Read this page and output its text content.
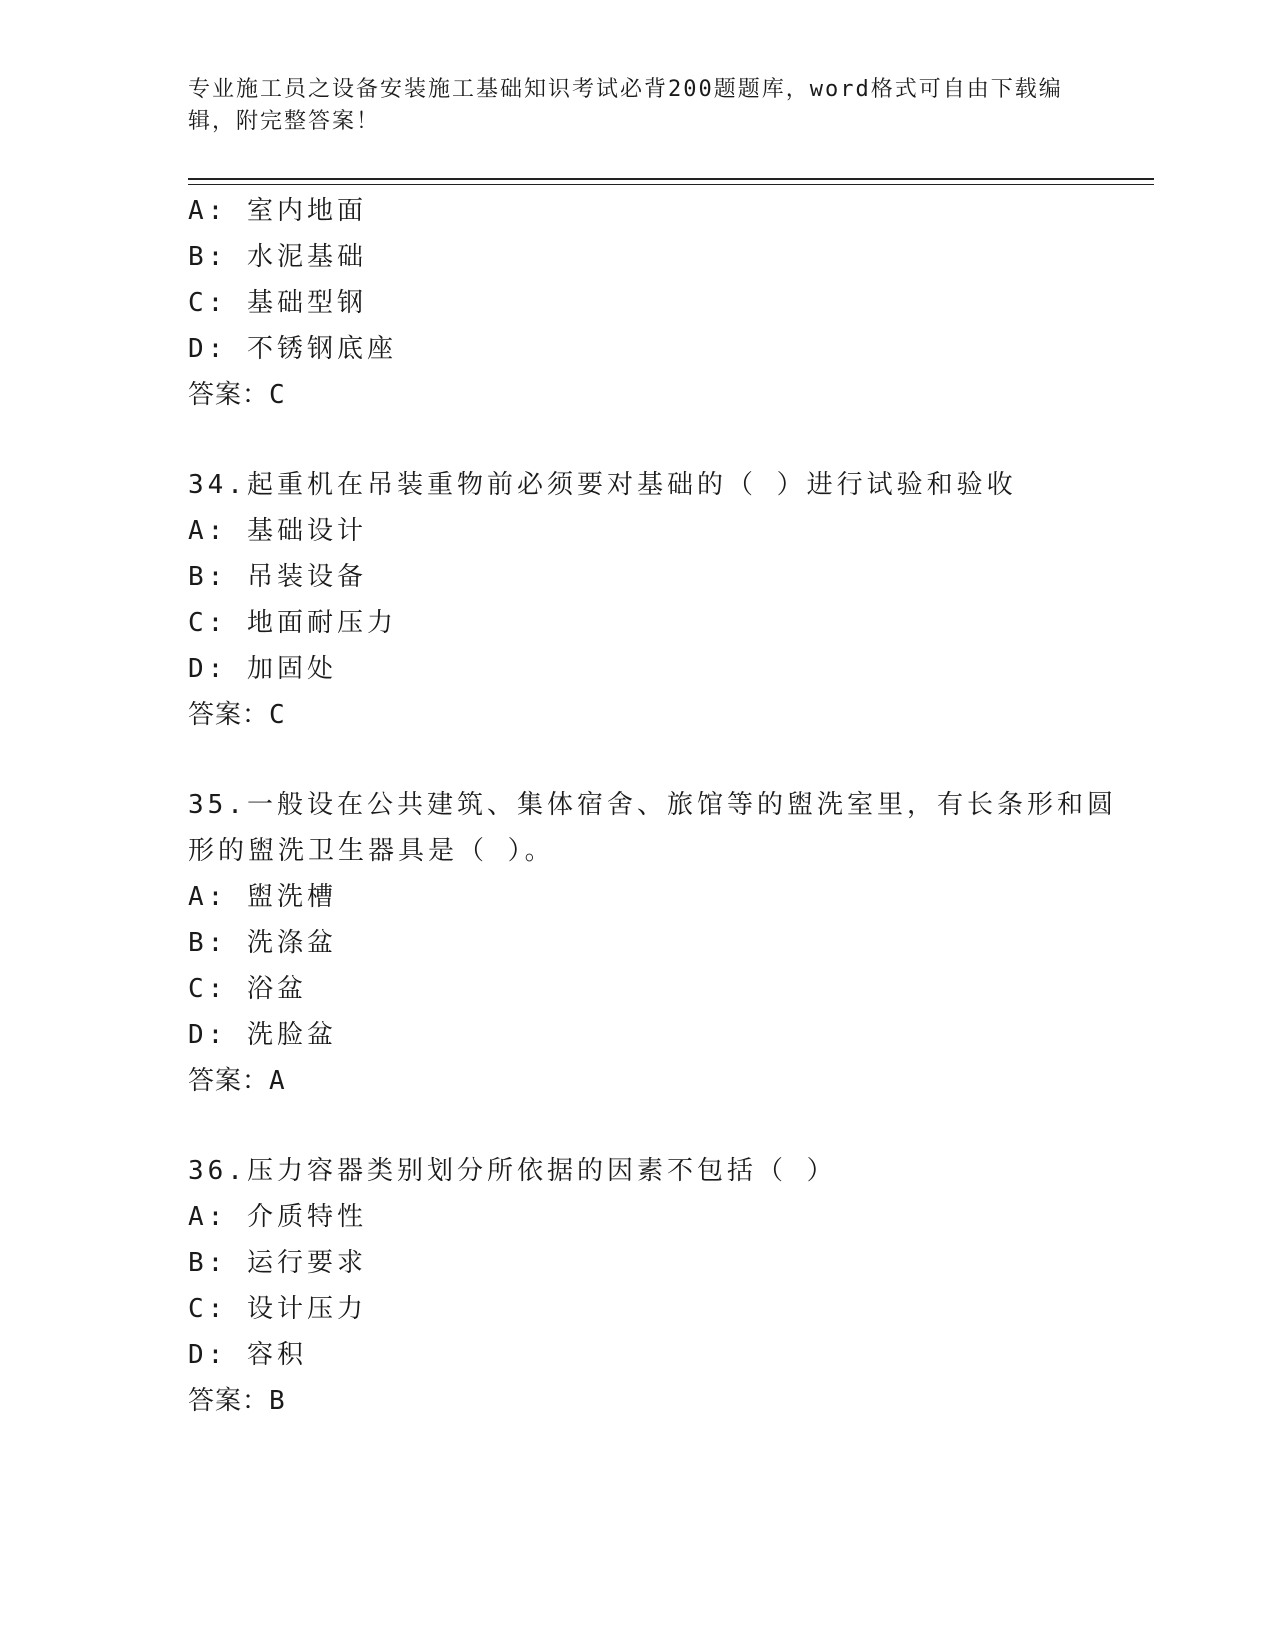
专业施工员之设备安装施工基础知识考试必背200题题库，word格式可自由下载编辑，附完整答案！
A: 室内地面
B: 水泥基础
C: 基础型钢
D: 不锈钢底座
答案：C
34.起重机在吊装重物前必须要对基础的（ ）进行试验和验收
A: 基础设计
B: 吊装设备
C: 地面耐压力
D: 加固处
答案：C
35.一般设在公共建筑、集体宿舍、旅馆等的盥洗室里，有长条形和圆
形的盥洗卫生器具是（ ）。
A: 盥洗槽
B: 洗涤盆
C: 浴盆
D: 洗脸盆
答案：A
36.压力容器类别划分所依据的因素不包括（ ）
A: 介质特性
B: 运行要求
C: 设计压力
D: 容积
答案：B
